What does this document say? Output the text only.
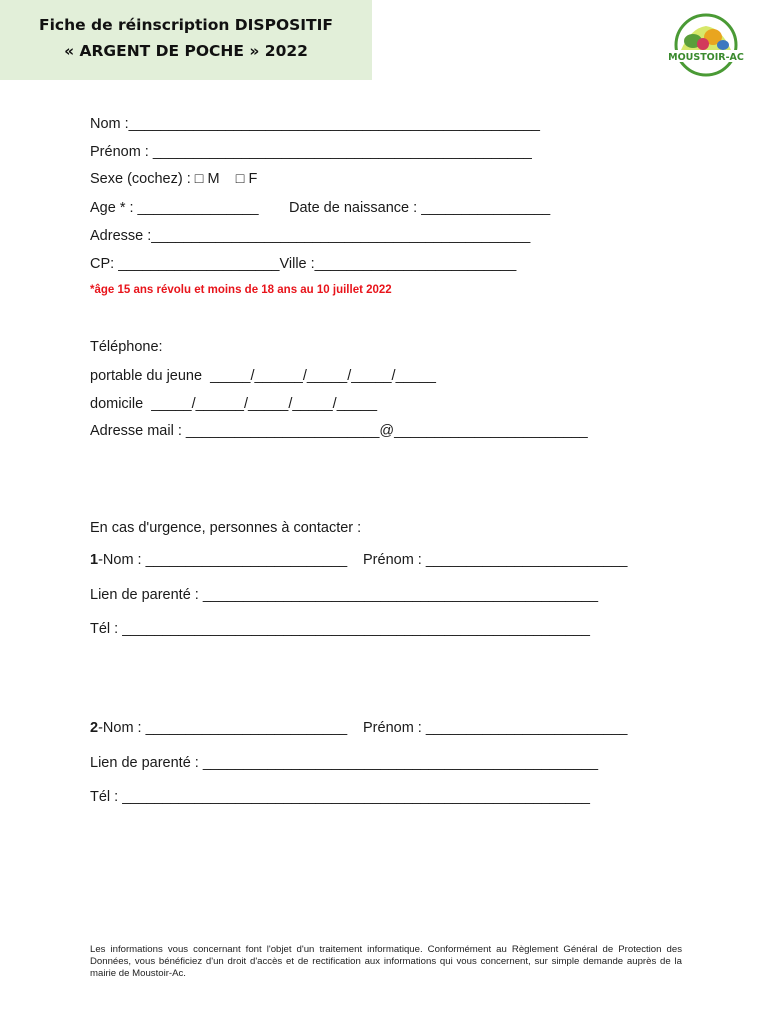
Fiche de réinscription DISPOSITIF
« ARGENT DE POCHE » 2022	MOUSTOIR-AC
Nom :___________________________________________________
Prénom : _______________________________________________
Sexe (cochez) : □ M    □ F
Age * : _______________ Date de naissance : ________________
Adresse :_______________________________________________
CP: ____________________Ville :_________________________
*âge 15 ans révolu et moins de 18 ans au 10 juillet 2022
Téléphone:
portable du jeune  _____/______/_____/_____/_____
domicile  _____/______/_____/_____/_____
Adresse mail : ________________________@________________________
En cas d'urgence, personnes à contacter :
1-Nom : _________________________ Prénom : _________________________
Lien de parenté : _________________________________________________
Tél : __________________________________________________________
2-Nom : _________________________ Prénom : _________________________
Lien de parenté : _________________________________________________
Tél : __________________________________________________________
Les informations vous concernant font l'objet d'un traitement informatique. Conformément au Règlement Général de Protection des Données, vous bénéficiez d'un droit d'accès et de rectification aux informations qui vous concernent, sur simple demande auprès de la mairie de Moustoir-Ac.
